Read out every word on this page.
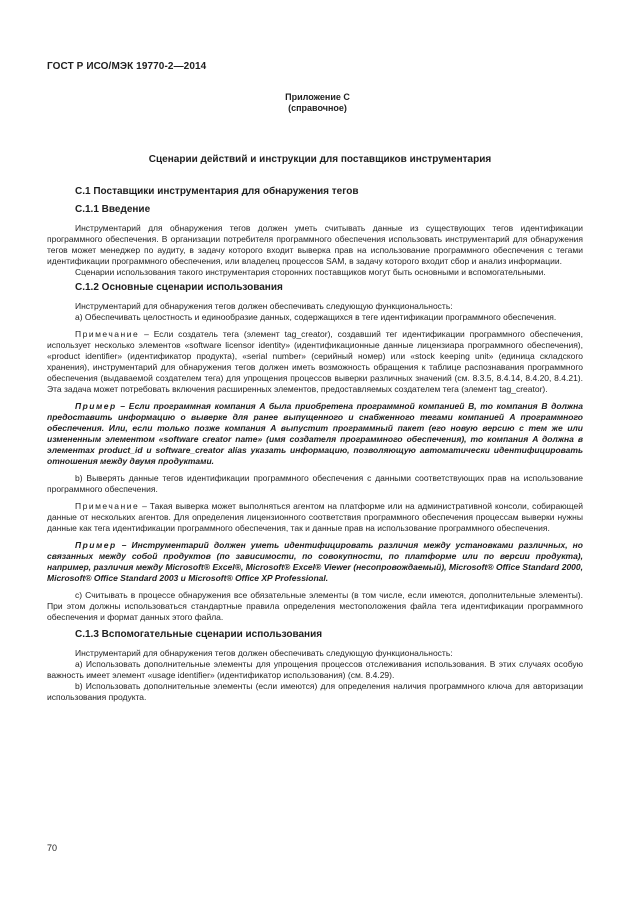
ГОСТ Р ИСО/МЭК 19770-2—2014
Приложение С
(справочное)
Сценарии действий и инструкции для поставщиков инструментария
С.1 Поставщики инструментария для обнаружения тегов
С.1.1 Введение

Инструментарий для обнаружения тегов должен уметь считывать данные из существующих тегов идентификации программного обеспечения. В организации потребителя программного обеспечения использовать инструментарий для обнаружения тегов может менеджер по аудиту, в задачу которого входит выверка прав на использование программного обеспечения с тегами идентификации программного обеспечения, или владелец процессов SAM, в задачу которого входит сбор и анализ информации.

Сценарии использования такого инструментария сторонних поставщиков могут быть основными и вспомогательными.

С.1.2 Основные сценарии использования

Инструментарий для обнаружения тегов должен обеспечивать следующую функциональность:

а) Обеспечивать целостность и единообразие данных, содержащихся в теге идентификации программного обеспечения.

Примечание – Если создатель тега (элемент tag_creator), создавший тег идентификации программного обеспечения, использует несколько элементов «software licensor identity» (идентификационные данные лицензиара программного обеспечения), «product identifier» (идентификатор продукта), «serial number» (серийный номер) или «stock keeping unit» (единица складского хранения), инструментарий для обнаружения тегов должен иметь возможность обращения к таблице распознавания программного обеспечения (выдаваемой создателем тега) для упрощения процессов выверки различных значений (см. 8.3.5, 8.4.14, 8.4.20, 8.4.21). Эта задача может потребовать включения расширенных элементов, предоставляемых создателем тега (элемент tag_creator).

Пример – Если программная компания A была приобретена программной компанией B, то компания B должна предоставить информацию о выверке для ранее выпущенного и снабженного тегами компанией A программного обеспечения. Или, если только позже компания A выпустит программный пакет (его новую версию с тем же или измененным элементом «software creator name» (имя создателя программного обеспечения), то компания A должна в элементах product_id и software_creator alias указать информацию, позволяющую автоматически идентифицировать отношения между двумя продуктами.

b) Выверять данные тегов идентификации программного обеспечения с данными соответствующих прав на использование программного обеспечения.

Примечание – Такая выверка может выполняться агентом на платформе или на административной консоли, собирающей данные от нескольких агентов. Для определения лицензионного соответствия программного обеспечения процессам выверки нужны данные как тега идентификации программного обеспечения, так и данные прав на использование программного обеспечения.

Пример – Инструментарий должен уметь идентифицировать различия между установками различных, но связанных между собой продуктов (по зависимости, по совокупности, по платформе или по версии продукта), например, различия между Microsoft® Excel®, Microsoft® Excel® Viewer (несопровождаемый), Microsoft® Office Standard 2000, Microsoft® Office Standard 2003 и Microsoft® Office XP Professional.

c) Считывать в процессе обнаружения все обязательные элементы (в том числе, если имеются, дополнительные элементы). При этом должны использоваться стандартные правила определения местоположения файла тега идентификации программного обеспечения и формат данных этого файла.

С.1.3 Вспомогательные сценарии использования

Инструментарий для обнаружения тегов должен обеспечивать следующую функциональность:

а) Использовать дополнительные элементы для упрощения процессов отслеживания использования. В этих случаях особую важность имеет элемент «usage identifier» (идентификатор использования) (см. 8.4.29).

b) Использовать дополнительные элементы (если имеются) для определения наличия программного ключа для авторизации использования продукта.

70
